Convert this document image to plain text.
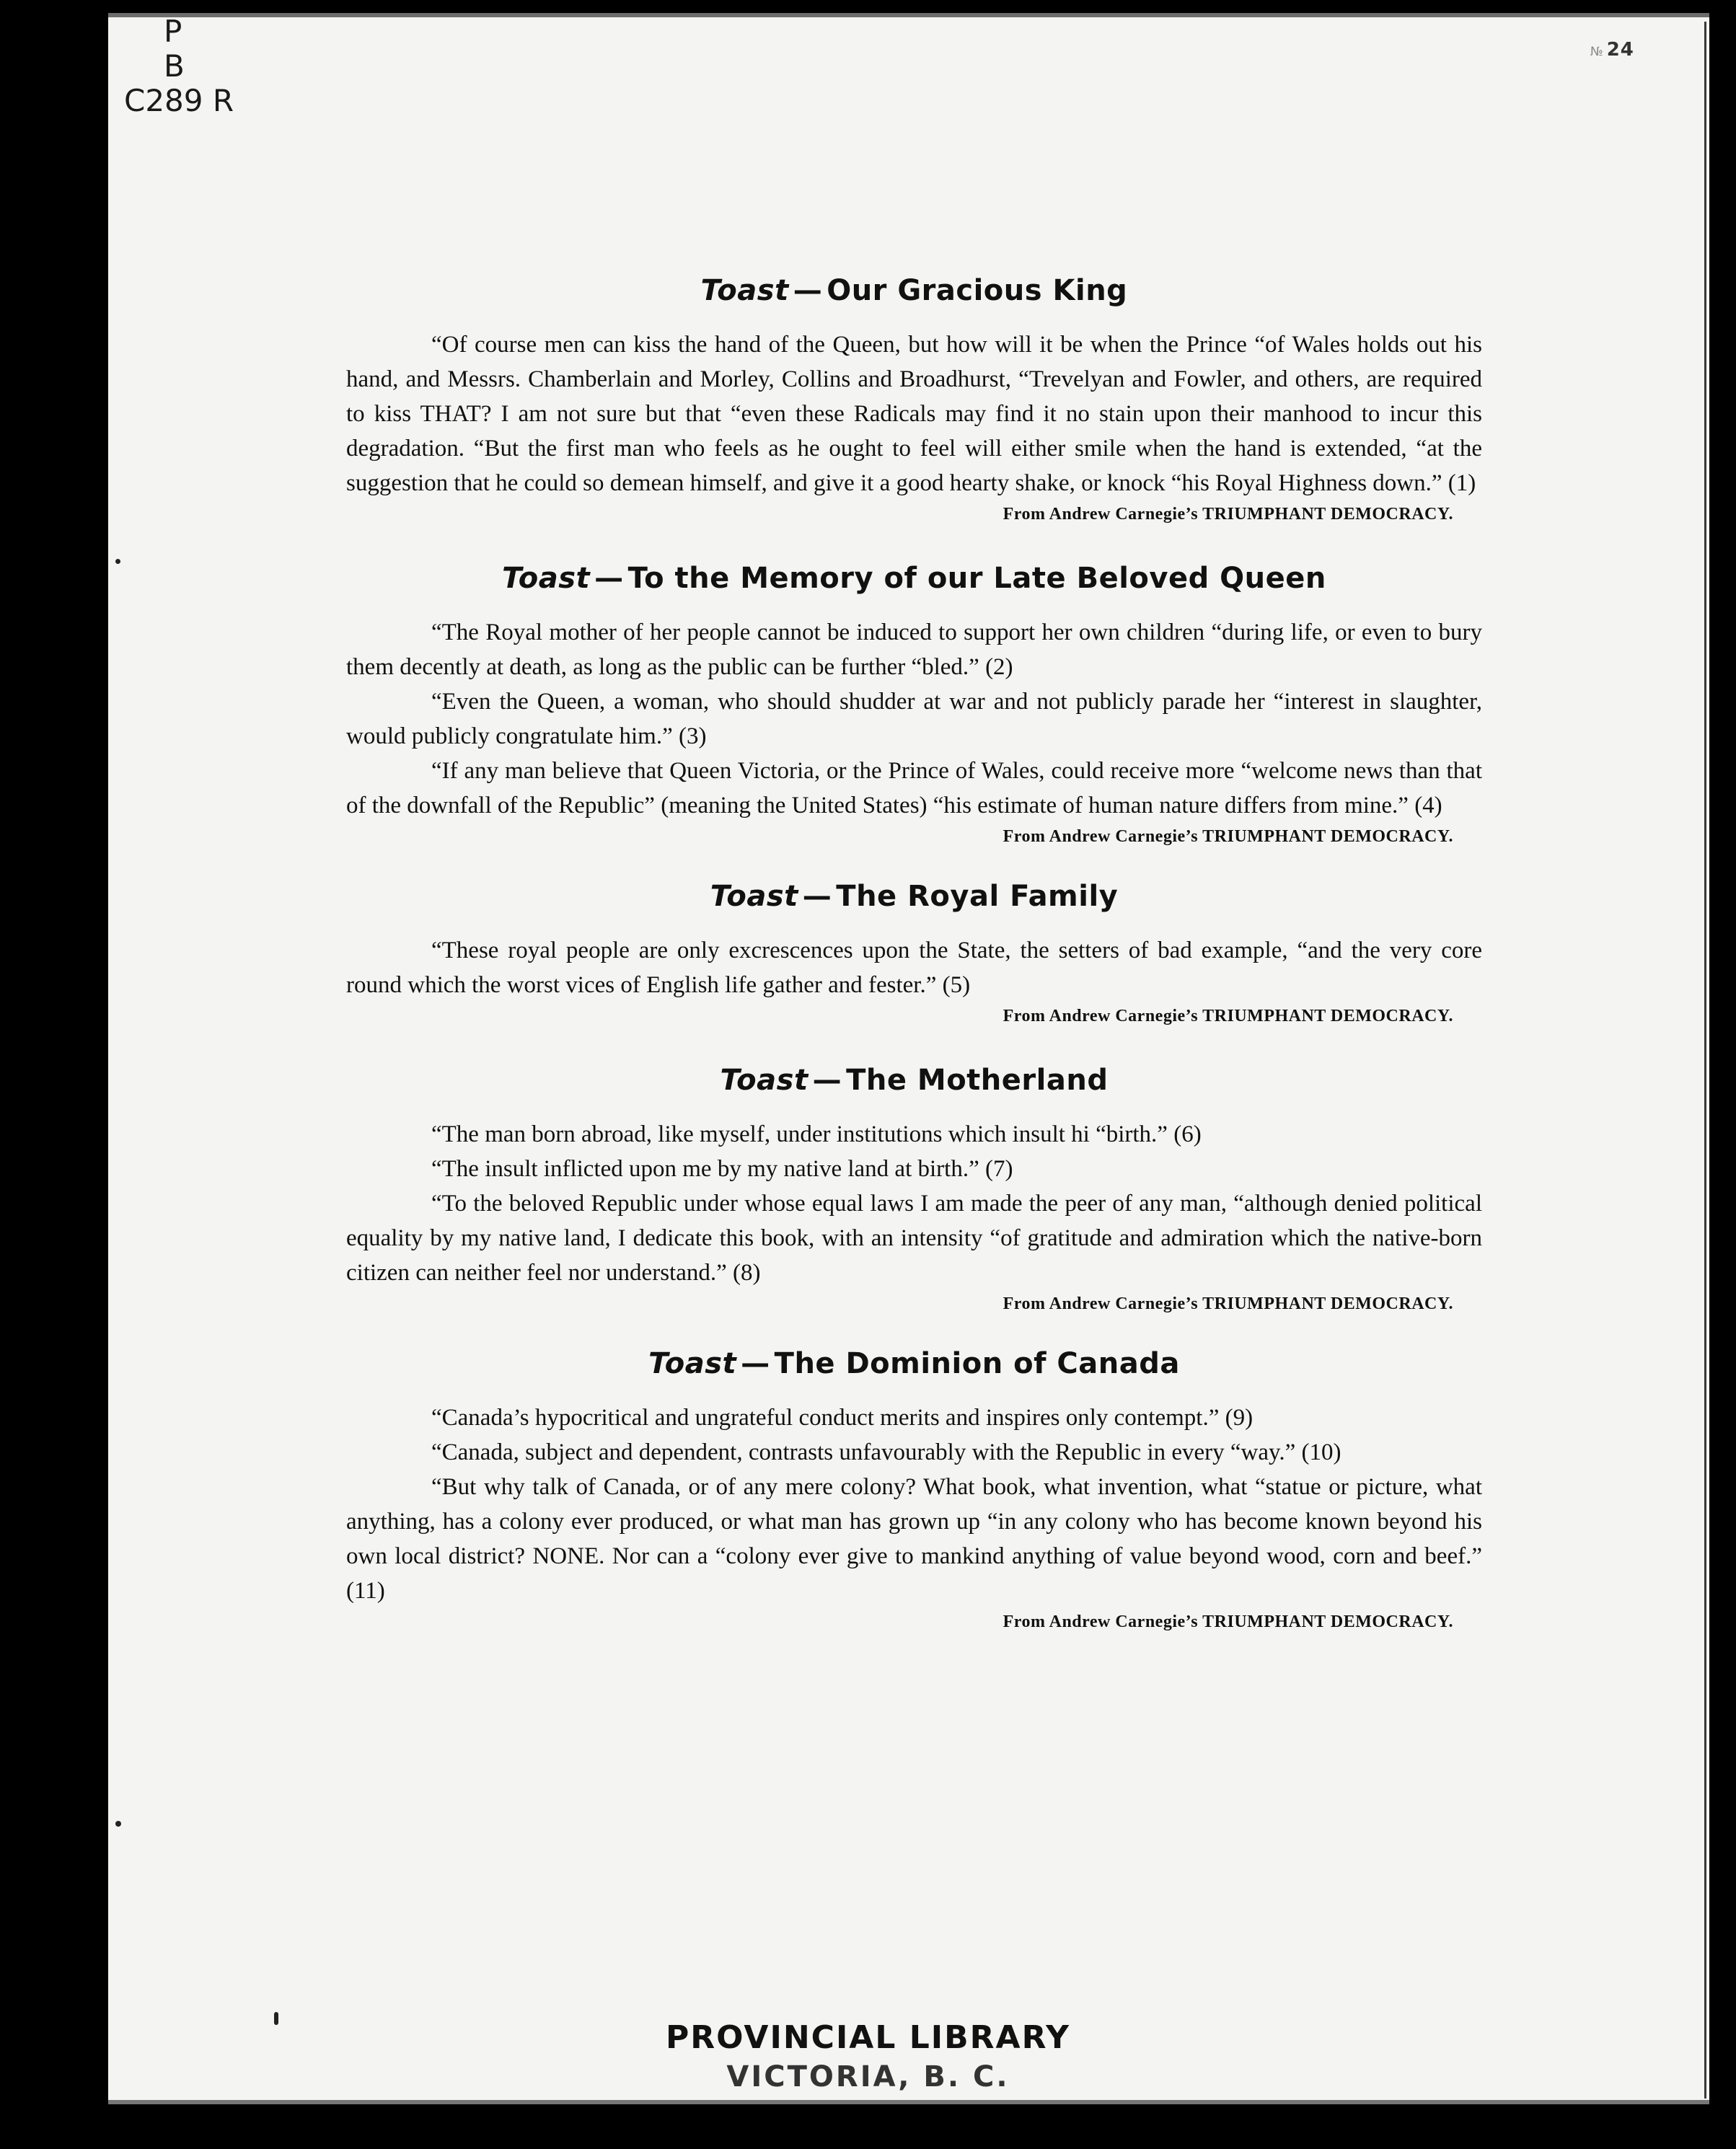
P
B
C289 R
№ 24
Toast — Our Gracious King

“Of course men can kiss the hand of the Queen, but how will it be when the Prince “of Wales holds out his hand, and Messrs. Chamberlain and Morley, Collins and Broadhurst, “Trevelyan and Fowler, and others, are required to kiss THAT? I am not sure but that “even these Radicals may find it no stain upon their manhood to incur this degradation. “But the first man who feels as he ought to feel will either smile when the hand is extended, “at the suggestion that he could so demean himself, and give it a good hearty shake, or knock “his Royal Highness down.” (1)

From Andrew Carnegie’s TRIUMPHANT DEMOCRACY.
Toast — To the Memory of our Late Beloved Queen

“The Royal mother of her people cannot be induced to support her own children “during life, or even to bury them decently at death, as long as the public can be further “bled.” (2)

“Even the Queen, a woman, who should shudder at war and not publicly parade her “interest in slaughter, would publicly congratulate him.” (3)

“If any man believe that Queen Victoria, or the Prince of Wales, could receive more “welcome news than that of the downfall of the Republic” (meaning the United States) “his estimate of human nature differs from mine.” (4)

From Andrew Carnegie’s TRIUMPHANT DEMOCRACY.
Toast — The Royal Family

“These royal people are only excrescences upon the State, the setters of bad example, “and the very core round which the worst vices of English life gather and fester.” (5)

From Andrew Carnegie’s TRIUMPHANT DEMOCRACY.
Toast — The Motherland

“The man born abroad, like myself, under institutions which insult hi “birth.” (6)

“The insult inflicted upon me by my native land at birth.” (7)

“To the beloved Republic under whose equal laws I am made the peer of any man, “although denied political equality by my native land, I dedicate this book, with an intensity “of gratitude and admiration which the native-born citizen can neither feel nor understand.” (8)

From Andrew Carnegie’s TRIUMPHANT DEMOCRACY.
Toast — The Dominion of Canada

“Canada’s hypocritical and ungrateful conduct merits and inspires only contempt.” (9)

“Canada, subject and dependent, contrasts unfavourably with the Republic in every “way.” (10)

“But why talk of Canada, or of any mere colony? What book, what invention, what “statue or picture, what anything, has a colony ever produced, or what man has grown up “in any colony who has become known beyond his own local district? NONE. Nor can a “colony ever give to mankind anything of value beyond wood, corn and beef.” (11)

From Andrew Carnegie’s TRIUMPHANT DEMOCRACY.
PROVINCIAL LIBRARY
VICTORIA, B. C.
